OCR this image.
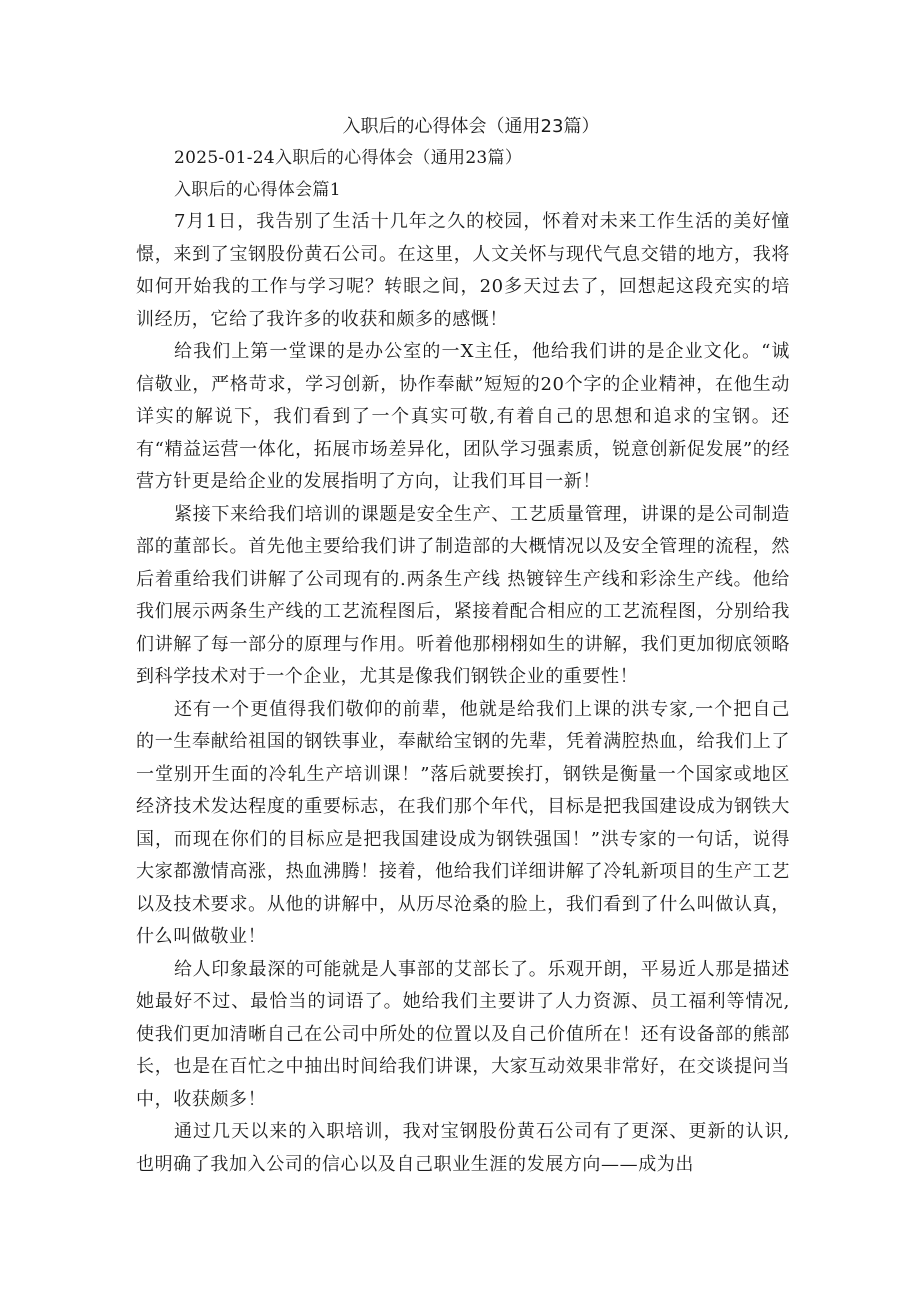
入职后的心得体会（通用23篇）

2025-01-24入职后的心得体会（通用23篇）

入职后的心得体会篇1

7月1日，我告别了生活十几年之久的校园，怀着对未来工作生活的美好憧憬，来到了宝钢股份黄石公司。在这里，人文关怀与现代气息交错的地方，我将如何开始我的工作与学习呢？转眼之间，20多天过去了，回想起这段充实的培训经历，它给了我许多的收获和颇多的感慨！

给我们上第一堂课的是办公室的一X主任，他给我们讲的是企业文化。“诚信敬业，严格苛求，学习创新，协作奉献”短短的20个字的企业精神，在他生动详实的解说下，我们看到了一个真实可敬,有着自己的思想和追求的宝钢。还有“精益运营一体化，拓展市场差异化，团队学习强素质，锐意创新促发展”的经营方针更是给企业的发展指明了方向，让我们耳目一新！

紧接下来给我们培训的课题是安全生产、工艺质量管理，讲课的是公司制造部的董部长。首先他主要给我们讲了制造部的大概情况以及安全管理的流程，然后着重给我们讲解了公司现有的.两条生产线 热镀锌生产线和彩涂生产线。他给我们展示两条生产线的工艺流程图后，紧接着配合相应的工艺流程图，分别给我们讲解了每一部分的原理与作用。听着他那栩栩如生的讲解，我们更加彻底领略到科学技术对于一个企业，尤其是像我们钢铁企业的重要性！

还有一个更值得我们敬仰的前辈，他就是给我们上课的洪专家,一个把自己的一生奉献给祖国的钢铁事业，奉献给宝钢的先辈，凭着满腔热血，给我们上了一堂别开生面的冷轧生产培训课！”落后就要挨打，钢铁是衡量一个国家或地区经济技术发达程度的重要标志，在我们那个年代，目标是把我国建设成为钢铁大国，而现在你们的目标应是把我国建设成为钢铁强国！”洪专家的一句话，说得大家都激情高涨，热血沸腾！接着，他给我们详细讲解了冷轧新项目的生产工艺以及技术要求。从他的讲解中，从历尽沧桑的脸上，我们看到了什么叫做认真，什么叫做敬业！

给人印象最深的可能就是人事部的艾部长了。乐观开朗，平易近人那是描述她最好不过、最恰当的词语了。她给我们主要讲了人力资源、员工福利等情况,使我们更加清晰自己在公司中所处的位置以及自己价值所在！还有设备部的熊部长，也是在百忙之中抽出时间给我们讲课，大家互动效果非常好，在交谈提问当中，收获颇多！

通过几天以来的入职培训，我对宝钢股份黄石公司有了更深、更新的认识,也明确了我加入公司的信心以及自己职业生涯的发展方向——成为出
